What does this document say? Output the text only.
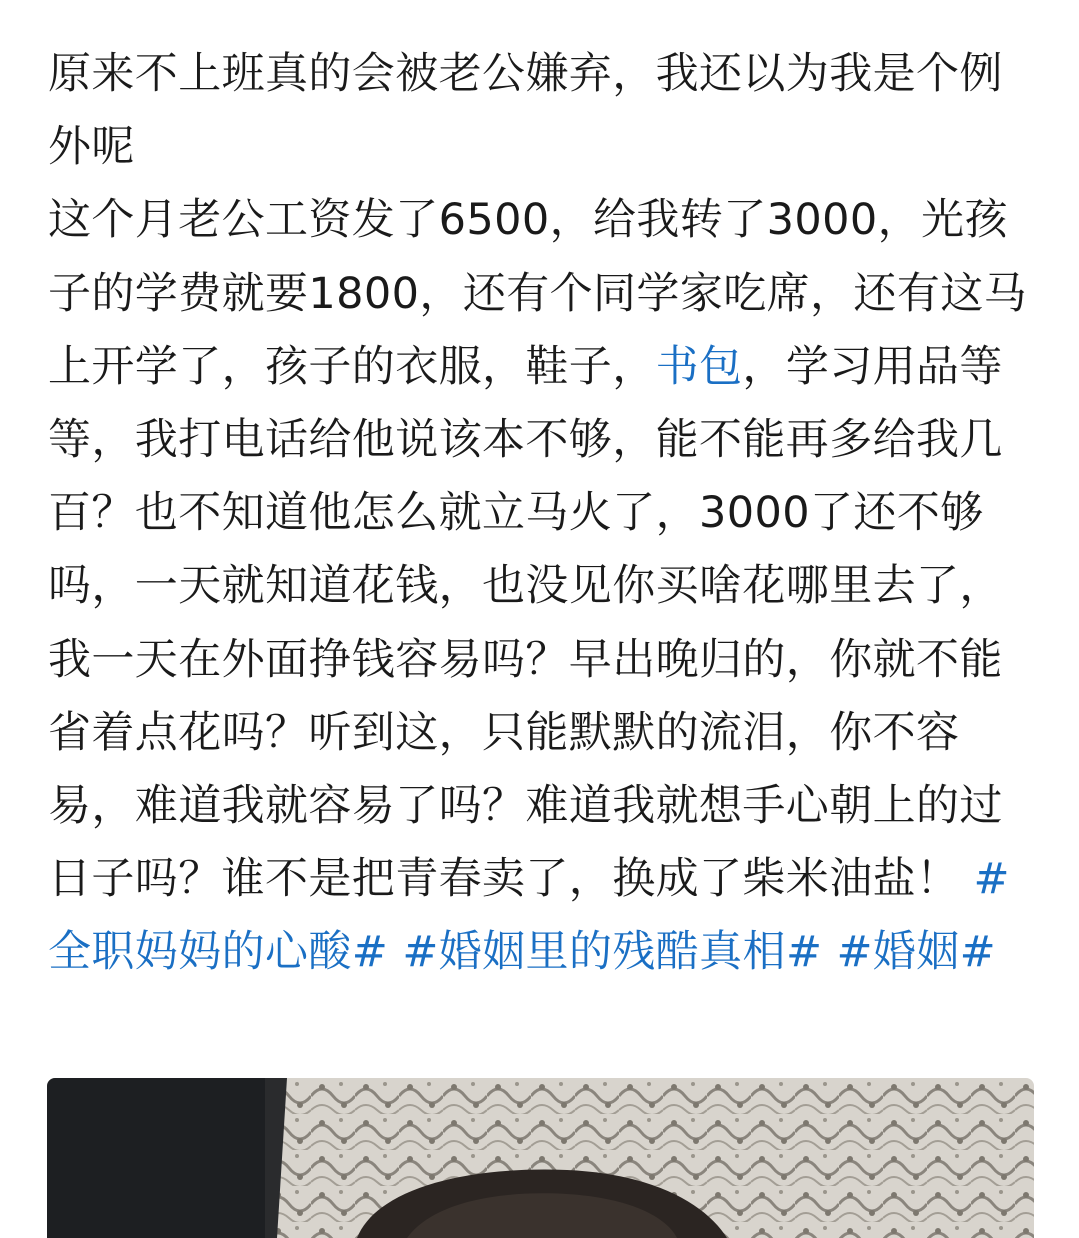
原来不上班真的会被老公嫌弃，我还以为我是个例外呢

这个月老公工资发了6500，给我转了3000，光孩子的学费就要1800，还有个同学家吃席，还有这马上开学了，孩子的衣服，鞋子，书包，学习用品等等，我打电话给他说该本不够，能不能再多给我几百？也不知道他怎么就立马火了，3000了还不够吗，一天就知道花钱，也没见你买啥花哪里去了，我一天在外面挣钱容易吗？早出晚归的，你就不能省着点花吗？听到这，只能默默的流泪，你不容易，难道我就容易了吗？难道我就想手心朝上的过日子吗？谁不是把青春卖了，换成了柴米油盐！ #全职妈妈的心酸# #婚姻里的残酷真相# #婚姻#
